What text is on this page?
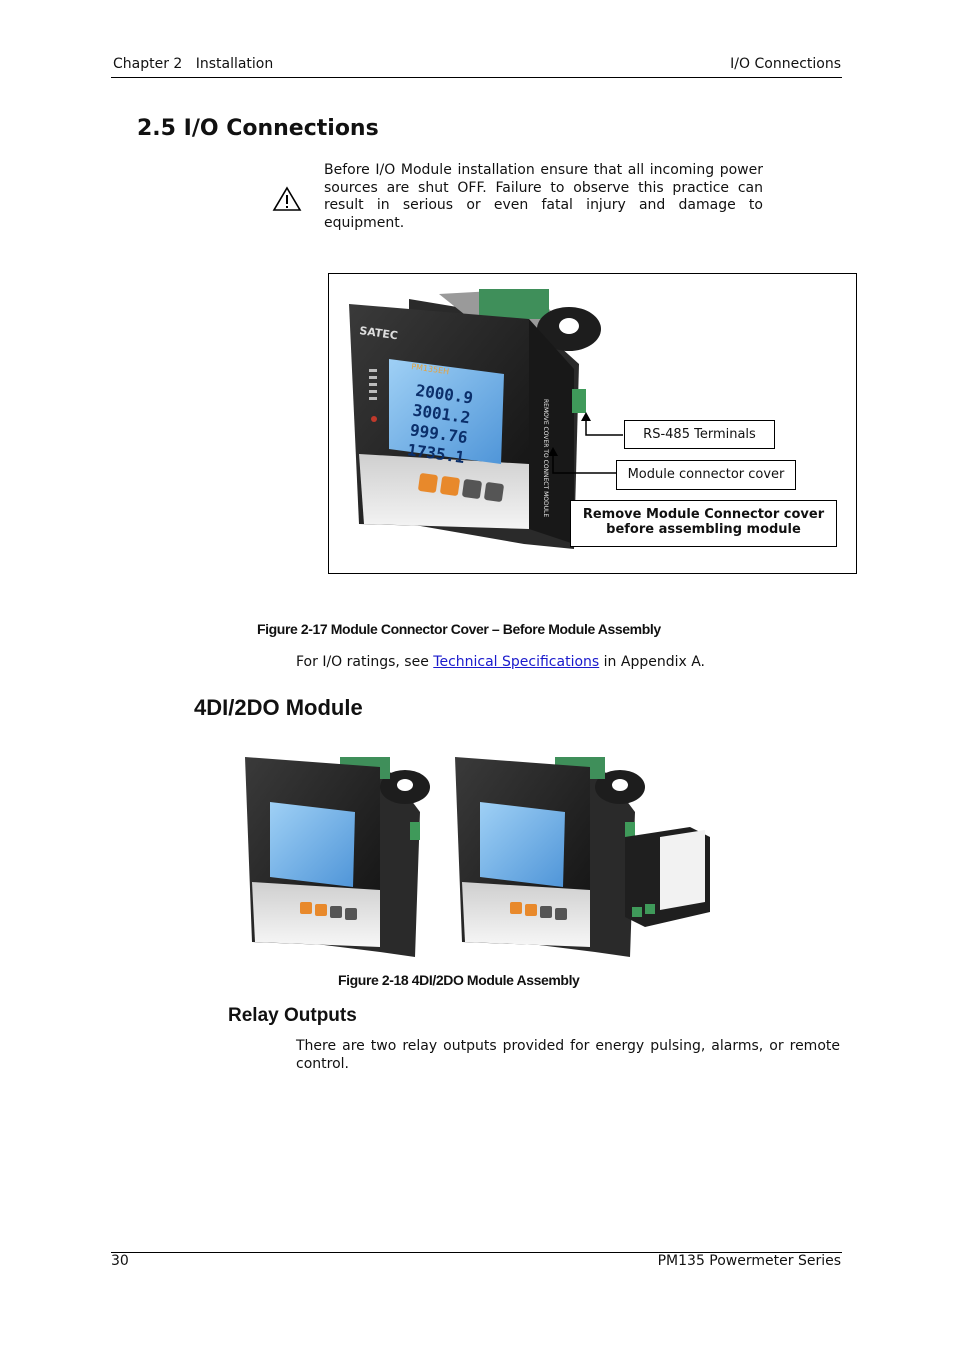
Chapter 2 Installation	I/O Connections
2.5 I/O Connections
Before I/O Module installation ensure that all incoming power sources are shut OFF. Failure to observe this practice can result in serious or even fatal injury and damage to equipment.
2000.9
3001.2
999.76
1735.1
SATEC
PM135EH
REMOVE COVER TO CONNECT MODULE	RS-485 Terminals
Module connector cover
Remove Module Connector cover before assembling module
Figure 2-17 Module Connector Cover – Before Module Assembly
For I/O ratings, see Technical Specifications in Appendix A.
4DI/2DO Module
Figure 2-18 4DI/2DO Module Assembly
Relay Outputs
There are two relay outputs provided for energy pulsing, alarms, or remote control.
30	PM135 Powermeter Series
